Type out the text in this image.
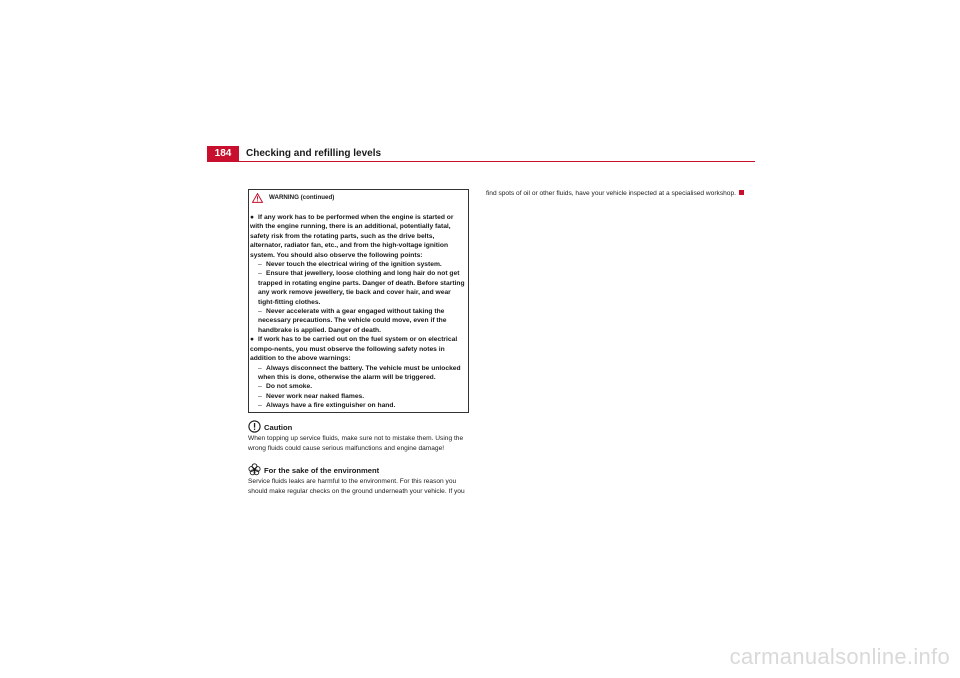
184	Checking and refilling levels
WARNING (continued)

● If any work has to be performed when the engine is started or with the engine running, there is an additional, potentially fatal, safety risk from the rotating parts, such as the drive belts, alternator, radiator fan, etc., and from the high-voltage ignition system. You should also observe the following points:

– Never touch the electrical wiring of the ignition system.

– Ensure that jewellery, loose clothing and long hair do not get trapped in rotating engine parts. Danger of death. Before starting any work remove jewellery, tie back and cover hair, and wear tight-fitting clothes.

– Never accelerate with a gear engaged without taking the necessary precautions. The vehicle could move, even if the handbrake is applied. Danger of death.

● If work has to be carried out on the fuel system or on electrical compo-nents, you must observe the following safety notes in addition to the above warnings:

– Always disconnect the battery. The vehicle must be unlocked when this is done, otherwise the alarm will be triggered.

– Do not smoke.

– Never work near naked flames.

– Always have a fire extinguisher on hand.

Caution

When topping up service fluids, make sure not to mistake them. Using the wrong fluids could cause serious malfunctions and engine damage!

For the sake of the environment

Service fluids leaks are harmful to the environment. For this reason you should make regular checks on the ground underneath your vehicle. If you

find spots of oil or other fluids, have your vehicle inspected at a specialised workshop.
carmanualsonline.info
